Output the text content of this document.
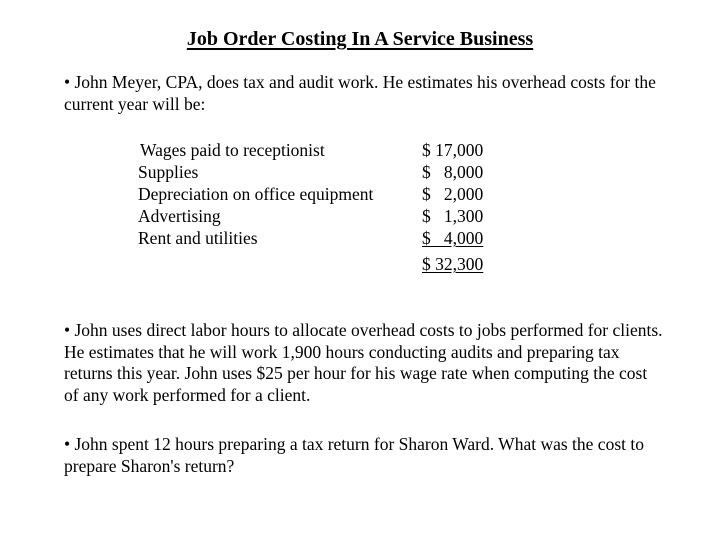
Job Order Costing In A Service Business

• John Meyer, CPA, does tax and audit work. He estimates his overhead costs for the current year will be:

Wages paid to receptionist	$ 17,000
Supplies	$   8,000
Depreciation on office equipment	$   2,000
Advertising	$   1,300
Rent and utilities	$   4,000
$ 32,300

• John uses direct labor hours to allocate overhead costs to jobs performed for clients. He estimates that he will work 1,900 hours conducting audits and preparing tax returns this year. John uses $25 per hour for his wage rate when computing the cost of any work performed for a client.

• John spent 12 hours preparing a tax return for Sharon Ward. What was the cost to prepare Sharon's return?
